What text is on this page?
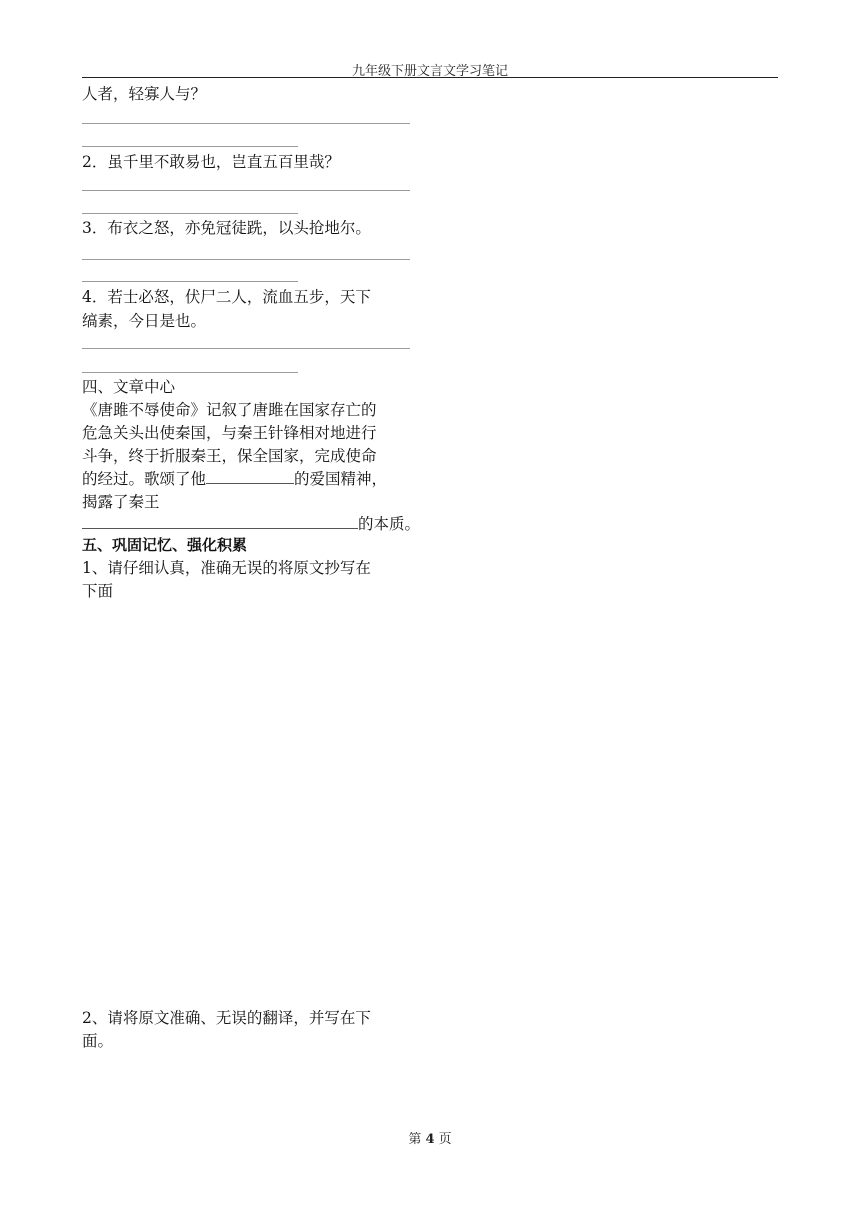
九年级下册文言文学习笔记
人者，轻寡人与？
2．虽千里不敢易也，岂直五百里哉？
3．布衣之怒，亦免冠徒跣，以头抢地尔。
4．若士必怒，伏尸二人，流血五步，天下
缟素，今日是也。
四、文章中心
《唐雎不辱使命》记叙了唐雎在国家存亡的
危急关头出使秦国，与秦王针锋相对地进行
斗争，终于折服秦王，保全国家，完成使命
的经过。歌颂了他	的爱国精神，
揭露了秦王
的本质。
五、巩固记忆、强化积累
1、请仔细认真，准确无误的将原文抄写在
下面
2、请将原文准确、无误的翻译，并写在下
面。
第 4 页
